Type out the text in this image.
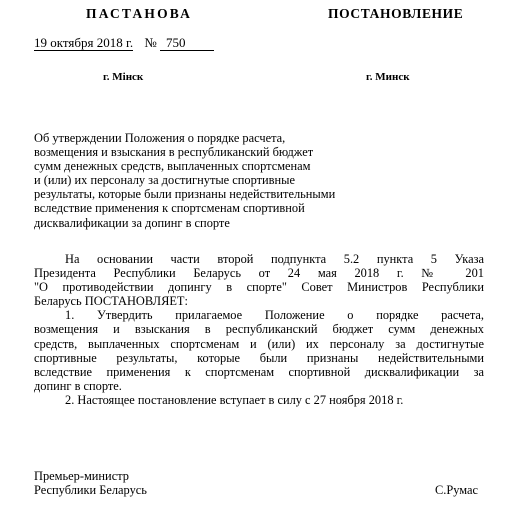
ПАСТАНОВА	ПОСТАНОВЛЕНИЕ
19 октября 2018 г. № 750
г. Мінск	г. Минск
Об утверждении Положения о порядке расчета,
возмещения и взыскания в республиканский бюджет
сумм денежных средств, выплаченных спортсменам
и (или) их персоналу за достигнутые спортивные
результаты, которые были признаны недействительными
вследствие применения к спортсменам спортивной
дисквалификации за допинг в спорте
На основании части второй подпункта 5.2 пункта 5 Указа
Президента Республики Беларусь от 24 мая 2018 г. № 201
"О противодействии допингу в спорте" Совет Министров Республики
Беларусь ПОСТАНОВЛЯЕТ:
1. Утвердить прилагаемое Положение о порядке расчета,
возмещения и взыскания в республиканский бюджет сумм денежных
средств, выплаченных спортсменам и (или) их персоналу за достигнутые
спортивные результаты, которые были признаны недействительными
вследствие применения к спортсменам спортивной дисквалификации за
допинг в спорте.
2. Настоящее постановление вступает в силу с 27 ноября 2018 г.
Премьер-министр
Республики Беларусь	С.Румас
